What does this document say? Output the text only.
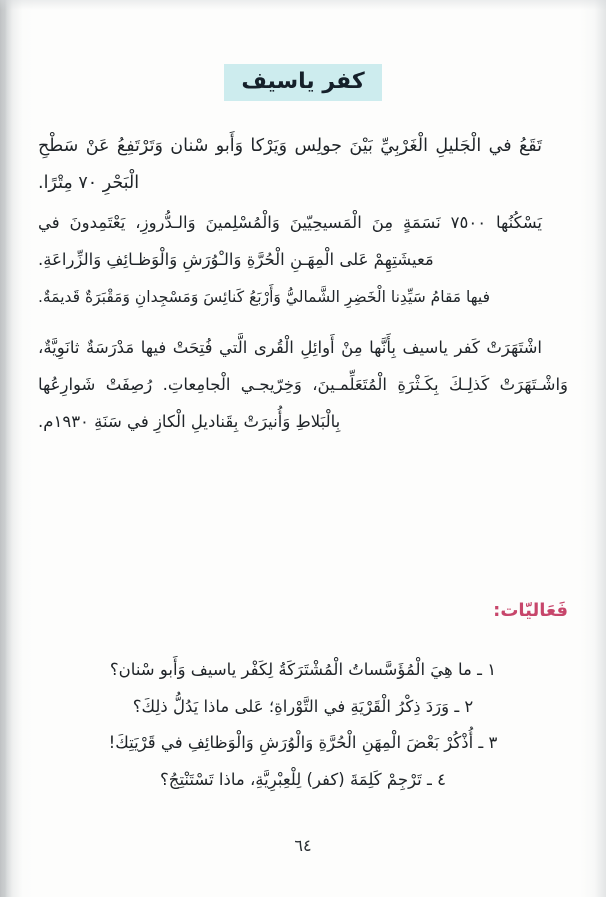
كفر ياسيف

تَقَعُ في الْجَليلِ الْغَرْبِيِّ بَيْنَ جولِس وَيَرْكا وَأَبو سْنان وَتَرْتَفِعُ عَنْ سَطْحِ الْبَحْرِ ٧٠ مِتْرًا.

يَسْكُنُها ٧٥٠٠ نَسَمَةٍ مِنَ الْمَسيحِيّينَ وَالْمُسْلِمينَ وَالـدُّروزِ، يَعْتَمِدونَ في مَعيشَتِهِمْ عَلى الْمِهَـنِ الْحُرَّةِ وَالـْوُرَشِ وَالْوَظـائِفِ وَالزِّراعَةِ.

فيها مَقامُ سَيِّدِنا الْخَضِرِ الشَّماليُّ وَأَرْبَعُ كَنائِسَ وَمَسْجِدانِ وَمَقْبَرَةٌ قَديمَةٌ.

اشْتَهَرَتْ كَفر ياسيف بِأَنَّها مِنْ أَوائِلِ الْقُرى الَّتي فُتِحَتْ فيها مَدْرَسَةٌ ثانَوِيَّةٌ، وَاشْـتَهَرَتْ كَذلِـكَ بِكَـثْرَةِ الْمُتَعَلِّمـينَ، وَخِرّيجـي الْجامِعاتِ. رُصِفَتْ شَوارِعُها بِالْبَلاطِ وَأُنيرَتْ بِقَناديلِ الْكازِ في سَنَةِ ١٩٣٠م.

فَعَاليّات:

١ ـ ما هِيَ الْمُؤَسَّساتُ الْمُشْتَرَكَةُ لِكَفْر ياسيف وَأَبو سْنان؟

٢ ـ وَرَدَ ذِكْرُ الْقَرْيَةِ في التَّوْراةِ؛ عَلى ماذا يَدُلُّ ذلِكَ؟

٣ ـ أُذْكُرْ بَعْضَ الْمِهَنِ الْحُرَّةِ وَالْوُرَشِ وَالْوَظائِفِ في قَرْيَتِكَ!

٤ ـ تَرْجِمْ كَلِمَةَ (كفر) لِلْعِبْرِيَّةِ، ماذا تَسْتَنْتِجُ؟

٦٤
